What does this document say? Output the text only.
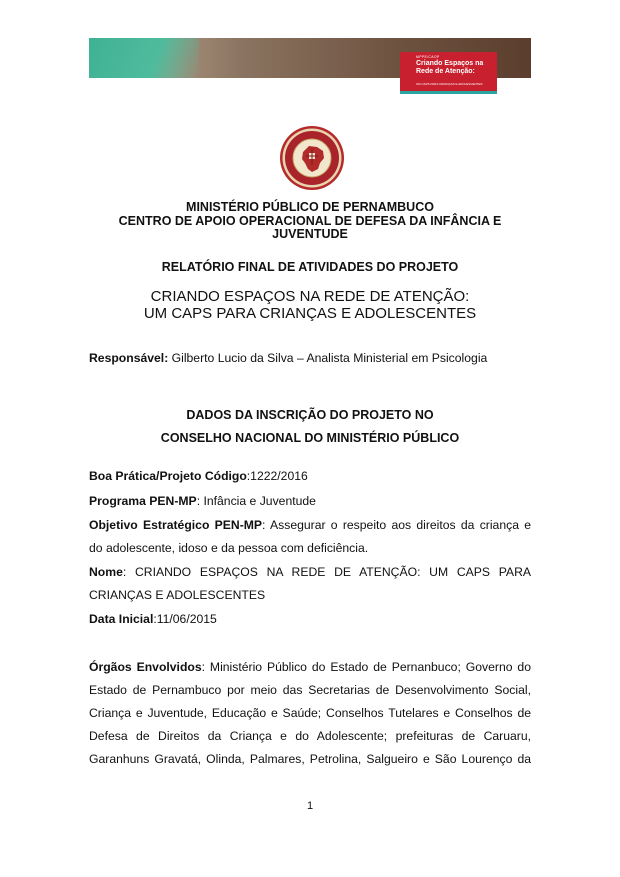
MPPE/CAOP
Criando Espaços na Rede de Atenção:
UM CAPS PARA CRIANÇAS E ADOLESCENTES
MINISTÉRIO PÚBLICO DE PERNAMBUCO
CENTRO DE APOIO OPERACIONAL DE DEFESA DA INFÂNCIA E
JUVENTUDE
RELATÓRIO FINAL DE ATIVIDADES DO PROJETO
CRIANDO ESPAÇOS NA REDE DE ATENÇÃO:
UM CAPS PARA CRIANÇAS E ADOLESCENTES
Responsável: Gilberto Lucio da Silva – Analista Ministerial em Psicologia
DADOS DA INSCRIÇÃO DO PROJETO NO
CONSELHO NACIONAL DO MINISTÉRIO PÚBLICO
Boa Prática/Projeto Código:1222/2016
Programa PEN-MP: Infância e Juventude
Objetivo Estratégico PEN-MP: Assegurar o respeito aos direitos da criança e
do adolescente, idoso e da pessoa com deficiência.
Nome: CRIANDO ESPAÇOS NA REDE DE ATENÇÃO: UM CAPS PARA
CRIANÇAS E ADOLESCENTES
Data Inicial:11/06/2015
Órgãos Envolvidos: Ministério Público do Estado de Pernanbuco; Governo do
Estado de Pernambuco por meio das Secretarias de Desenvolvimento Social,
Criança e Juventude, Educação e Saúde; Conselhos Tutelares e Conselhos de
Defesa de Direitos da Criança e do Adolescente; prefeituras de Caruaru,
Garanhuns Gravatá, Olinda, Palmares, Petrolina, Salgueiro e São Lourenço da
1
